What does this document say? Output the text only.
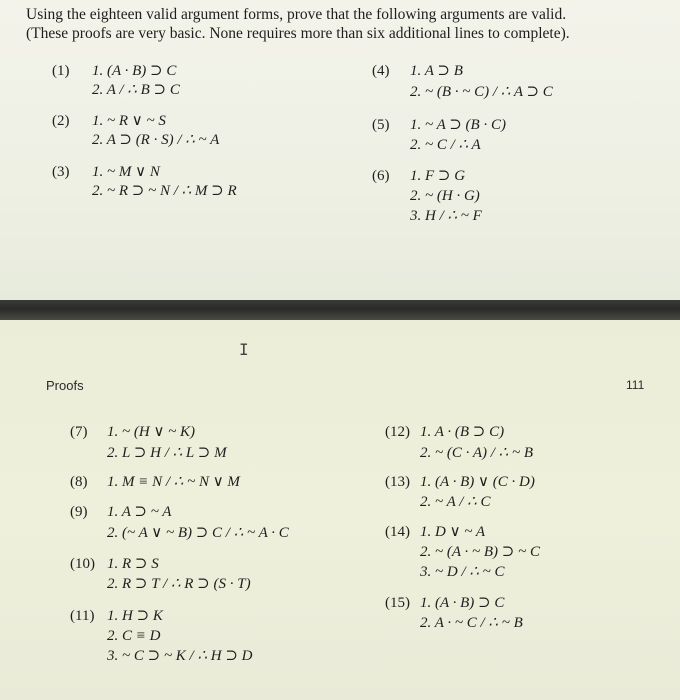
Using the eighteen valid argument forms, prove that the following arguments are valid.
(These proofs are very basic. None requires more than six additional lines to complete).
(1) 1. (A · B) ⊃ C
2. A / ∴ B ⊃ C
(2) 1. ~ R ∨ ~ S
2. A ⊃ (R · S) / ∴ ~ A
(3) 1. ~ M ∨ N
2. ~ R ⊃ ~ N / ∴ M ⊃ R
(4) 1. A ⊃ B
2. ~ (B · ~ C) / ∴ A ⊃ C
(5) 1. ~ A ⊃ (B · C)
2. ~ C / ∴ A
(6) 1. F ⊃ G
2. ~ (H · G)
3. H / ∴ ~ F
I
Proofs	111
(7) 1. ~ (H ∨ ~ K)
2. L ⊃ H / ∴ L ⊃ M
(8) 1. M ≡ N / ∴ ~ N ∨ M
(9) 1. A ⊃ ~ A
2. (~ A ∨ ~ B) ⊃ C / ∴ ~ A · C
(10) 1. R ⊃ S
2. R ⊃ T / ∴ R ⊃ (S · T)
(11) 1. H ⊃ K
2. C ≡ D
3. ~ C ⊃ ~ K / ∴ H ⊃ D
(12) 1. A · (B ⊃ C)
2. ~ (C · A) / ∴ ~ B
(13) 1. (A · B) ∨ (C · D)
2. ~ A / ∴ C
(14) 1. D ∨ ~ A
2. ~ (A · ~ B) ⊃ ~ C
3. ~ D / ∴ ~ C
(15) 1. (A · B) ⊃ C
2. A · ~ C / ∴ ~ B
